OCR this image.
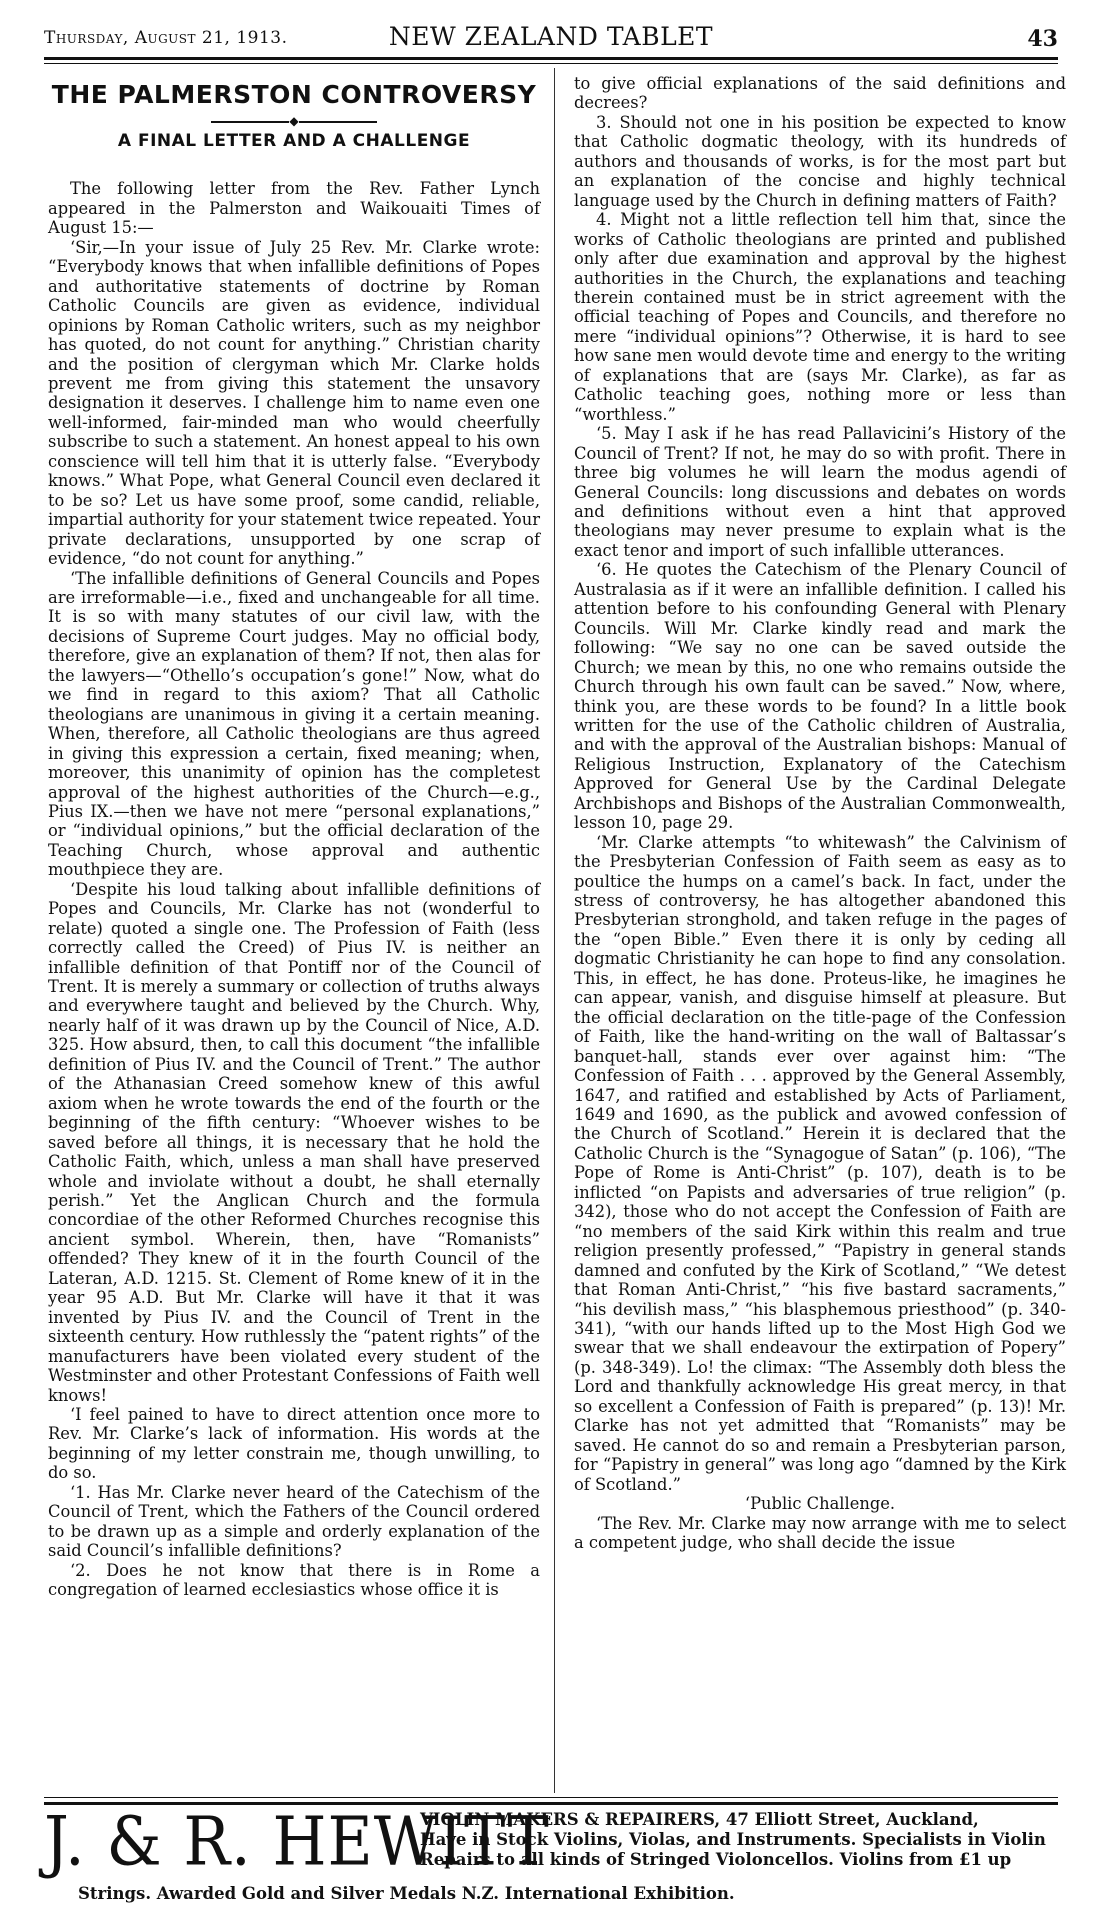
Thursday, August 21, 1913.	NEW ZEALAND TABLET	43
THE PALMERSTON CONTROVERSY
◆
A FINAL LETTER AND A CHALLENGE

The following letter from the Rev. Father Lynch appeared in the Palmerston and Waikouaiti Times of August 15:—

‘Sir,—In your issue of July 25 Rev. Mr. Clarke wrote: “Everybody knows that when infallible definitions of Popes and authoritative statements of doctrine by Roman Catholic Councils are given as evidence, individual opinions by Roman Catholic writers, such as my neighbor has quoted, do not count for anything.” Christian charity and the position of clergyman which Mr. Clarke holds prevent me from giving this statement the unsavory designation it deserves. I challenge him to name even one well-informed, fair-minded man who would cheerfully subscribe to such a statement. An honest appeal to his own conscience will tell him that it is utterly false. “Everybody knows.” What Pope, what General Council even declared it to be so? Let us have some proof, some candid, reliable, impartial authority for your statement twice repeated. Your private declarations, unsupported by one scrap of evidence, “do not count for anything.”

‘The infallible definitions of General Councils and Popes are irreformable—i.e., fixed and unchangeable for all time. It is so with many statutes of our civil law, with the decisions of Supreme Court judges. May no official body, therefore, give an explanation of them? If not, then alas for the lawyers—“Othello’s occupation’s gone!” Now, what do we find in regard to this axiom? That all Catholic theologians are unanimous in giving it a certain meaning. When, therefore, all Catholic theologians are thus agreed in giving this expression a certain, fixed meaning; when, moreover, this unanimity of opinion has the completest approval of the highest authorities of the Church—e.g., Pius IX.—then we have not mere “personal explanations,” or “individual opinions,” but the official declaration of the Teaching Church, whose approval and authentic mouthpiece they are.

‘Despite his loud talking about infallible definitions of Popes and Councils, Mr. Clarke has not (wonderful to relate) quoted a single one. The Profession of Faith (less correctly called the Creed) of Pius IV. is neither an infallible definition of that Pontiff nor of the Council of Trent. It is merely a summary or collection of truths always and everywhere taught and believed by the Church. Why, nearly half of it was drawn up by the Council of Nice, A.D. 325. How absurd, then, to call this document “the infallible definition of Pius IV. and the Council of Trent.” The author of the Athanasian Creed somehow knew of this awful axiom when he wrote towards the end of the fourth or the beginning of the fifth century: “Whoever wishes to be saved before all things, it is necessary that he hold the Catholic Faith, which, unless a man shall have preserved whole and inviolate without a doubt, he shall eternally perish.” Yet the Anglican Church and the formula concordiae of the other Reformed Churches recognise this ancient symbol. Wherein, then, have “Romanists” offended? They knew of it in the fourth Council of the Lateran, A.D. 1215. St. Clement of Rome knew of it in the year 95 A.D. But Mr. Clarke will have it that it was invented by Pius IV. and the Council of Trent in the sixteenth century. How ruthlessly the “patent rights” of the manufacturers have been violated every student of the Westminster and other Protestant Confessions of Faith well knows!

‘I feel pained to have to direct attention once more to Rev. Mr. Clarke’s lack of information. His words at the beginning of my letter constrain me, though unwilling, to do so.

‘1. Has Mr. Clarke never heard of the Catechism of the Council of Trent, which the Fathers of the Council ordered to be drawn up as a simple and orderly explanation of the said Council’s infallible definitions?

‘2. Does he not know that there is in Rome a congregation of learned ecclesiastics whose office it is

to give official explanations of the said definitions and decrees?

3. Should not one in his position be expected to know that Catholic dogmatic theology, with its hundreds of authors and thousands of works, is for the most part but an explanation of the concise and highly technical language used by the Church in defining matters of Faith?

4. Might not a little reflection tell him that, since the works of Catholic theologians are printed and published only after due examination and approval by the highest authorities in the Church, the explanations and teaching therein contained must be in strict agreement with the official teaching of Popes and Councils, and therefore no mere “individual opinions”? Otherwise, it is hard to see how sane men would devote time and energy to the writing of explanations that are (says Mr. Clarke), as far as Catholic teaching goes, nothing more or less than “worthless.”

‘5. May I ask if he has read Pallavicini’s History of the Council of Trent? If not, he may do so with profit. There in three big volumes he will learn the modus agendi of General Councils: long discussions and debates on words and definitions without even a hint that approved theologians may never presume to explain what is the exact tenor and import of such infallible utterances.

‘6. He quotes the Catechism of the Plenary Council of Australasia as if it were an infallible definition. I called his attention before to his confounding General with Plenary Councils. Will Mr. Clarke kindly read and mark the following: “We say no one can be saved outside the Church; we mean by this, no one who remains outside the Church through his own fault can be saved.” Now, where, think you, are these words to be found? In a little book written for the use of the Catholic children of Australia, and with the approval of the Australian bishops: Manual of Religious Instruction, Explanatory of the Catechism Approved for General Use by the Cardinal Delegate Archbishops and Bishops of the Australian Commonwealth, lesson 10, page 29.

‘Mr. Clarke attempts “to whitewash” the Calvinism of the Presbyterian Confession of Faith seem as easy as to poultice the humps on a camel’s back. In fact, under the stress of controversy, he has altogether abandoned this Presbyterian stronghold, and taken refuge in the pages of the “open Bible.” Even there it is only by ceding all dogmatic Christianity he can hope to find any consolation. This, in effect, he has done. Proteus-like, he imagines he can appear, vanish, and disguise himself at pleasure. But the official declaration on the title-page of the Confession of Faith, like the hand-writing on the wall of Baltassar’s banquet-hall, stands ever over against him: “The Confession of Faith . . . approved by the General Assembly, 1647, and ratified and established by Acts of Parliament, 1649 and 1690, as the publick and avowed confession of the Church of Scotland.” Herein it is declared that the Catholic Church is the “Synagogue of Satan” (p. 106), “The Pope of Rome is Anti-Christ” (p. 107), death is to be inflicted “on Papists and adversaries of true religion” (p. 342), those who do not accept the Confession of Faith are “no members of the said Kirk within this realm and true religion presently professed,” “Papistry in general stands damned and confuted by the Kirk of Scotland,” “We detest that Roman Anti-Christ,” “his five bastard sacraments,” “his devilish mass,” “his blasphemous priesthood” (p. 340-341), “with our hands lifted up to the Most High God we swear that we shall endeavour the extirpation of Popery” (p. 348-349). Lo! the climax: “The Assembly doth bless the Lord and thankfully acknowledge His great mercy, in that so excellent a Confession of Faith is prepared” (p. 13)! Mr. Clarke has not yet admitted that “Romanists” may be saved. He cannot do so and remain a Presbyterian parson, for “Papistry in general” was long ago “damned by the Kirk of Scotland.”

‘Public Challenge.

‘The Rev. Mr. Clarke may now arrange with me to select a competent judge, who shall decide the issue

J. & R. HEWITT
VIOLIN MAKERS & REPAIRERS, 47 Elliott Street, Auckland,
Have in Stock Violins, Violas, and Instruments. Specialists in Violin
Repairs to all kinds of Stringed Violoncellos. Violins from £1 up
Strings. Awarded Gold and Silver Medals N.Z. International Exhibition.
